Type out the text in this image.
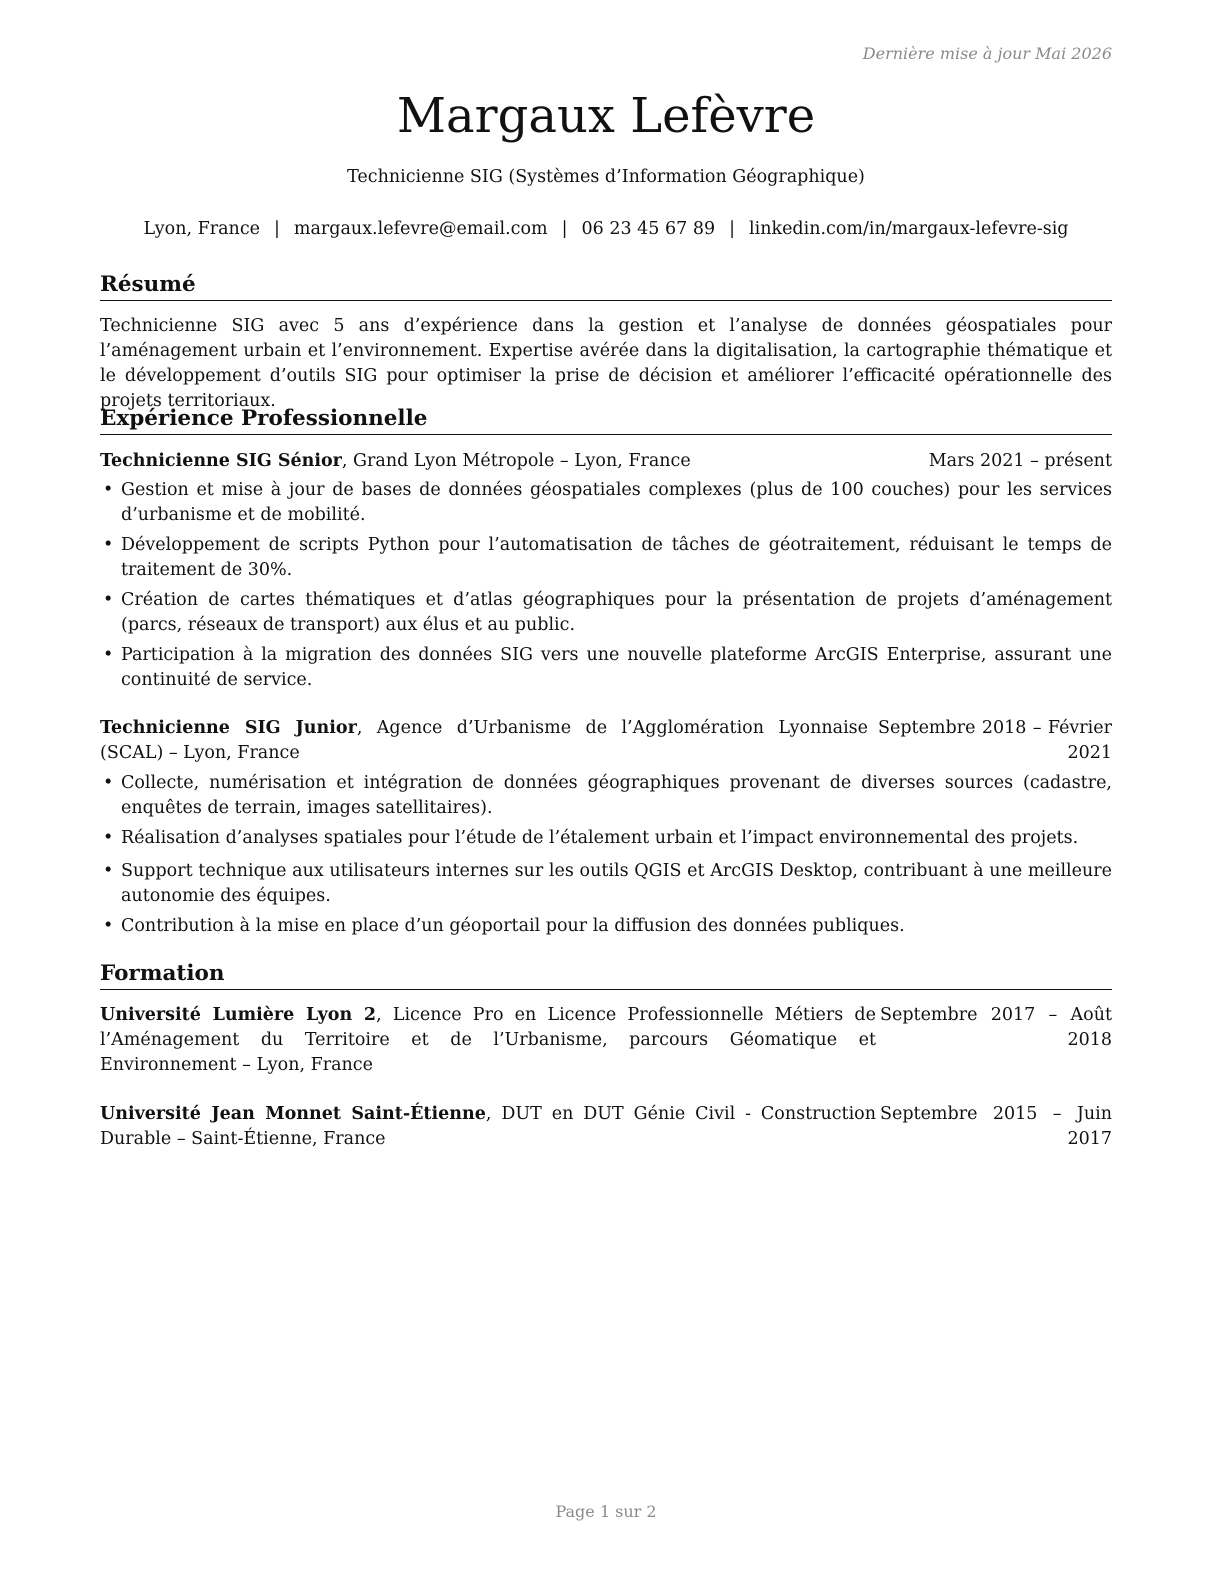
Dernière mise à jour Mai 2026
Margaux Lefèvre
Technicienne SIG (Systèmes d’Information Géographique)
Lyon, France | margaux.lefevre@email.com | 06 23 45 67 89 | linkedin.com/in/margaux-lefevre-sig
Résumé
Technicienne SIG avec 5 ans d’expérience dans la gestion et l’analyse de données géospatiales pour l’aménagement urbain et l’environnement. Expertise avérée dans la digitalisation, la cartographie thématique et le développement d’outils SIG pour optimiser la prise de décision et améliorer l’efficacité opérationnelle des projets territoriaux.
Expérience Professionnelle
Technicienne SIG Sénior, Grand Lyon Métropole – Lyon, France	Mars 2021 – présent
• Gestion et mise à jour de bases de données géospatiales complexes (plus de 100 couches) pour les services d’urbanisme et de mobilité.
• Développement de scripts Python pour l’automatisation de tâches de géotraitement, réduisant le temps de traitement de 30%.
• Création de cartes thématiques et d’atlas géographiques pour la présentation de projets d’aménagement (parcs, réseaux de transport) aux élus et au public.
• Participation à la migration des données SIG vers une nouvelle plateforme ArcGIS Enterprise, assurant une continuité de service.
Technicienne SIG Junior, Agence d’Urbanisme de l’Agglomération Lyonnaise (SCAL) – Lyon, France
Septembre 2018 – Février 2021
• Collecte, numérisation et intégration de données géographiques provenant de diverses sources (cadastre, enquêtes de terrain, images satellitaires).
• Réalisation d’analyses spatiales pour l’étude de l’étalement urbain et l’impact environnemental des projets.
• Support technique aux utilisateurs internes sur les outils QGIS et ArcGIS Desktop, contribuant à une meilleure autonomie des équipes.
• Contribution à la mise en place d’un géoportail pour la diffusion des données publiques.
Formation
Université Lumière Lyon 2, Licence Pro en Licence Professionnelle Métiers de l’Aménagement du Territoire et de l’Urbanisme, parcours Géomatique et Environnement – Lyon, France
Septembre 2017 – Août 2018
Université Jean Monnet Saint-Étienne, DUT en DUT Génie Civil - Construction Durable – Saint-Étienne, France
Septembre 2015 – Juin 2017
Page 1 sur 2
